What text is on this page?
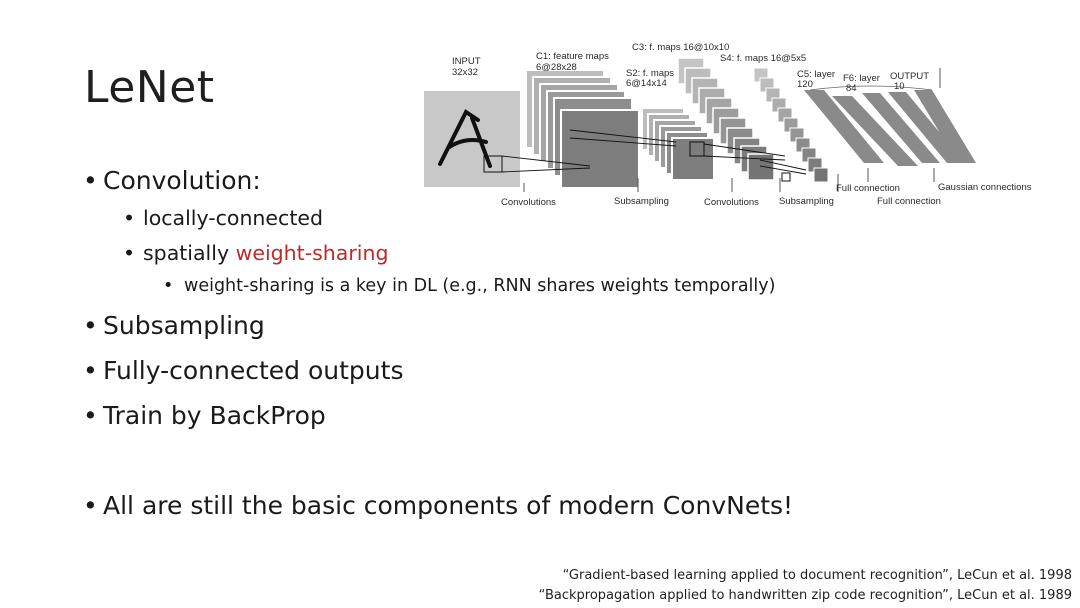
LeNet
INPUT
32x32
C1: feature maps
6@28x28
S2: f. maps
6@14x14
C3: f. maps 16@10x10
S4: f. maps 16@5x5
C5: layer
120
F6: layer
84
OUTPUT
10
Convolutions	Subsampling	Convolutions Subsampling
Full connection
Full connection
Gaussian connections
• Convolution:
• locally-connected
• spatially weight-sharing
• weight-sharing is a key in DL (e.g., RNN shares weights temporally)
• Subsampling
• Fully-connected outputs
• Train by BackProp
• All are still the basic components of modern ConvNets!
“Gradient-based learning applied to document recognition”, LeCun et al. 1998
“Backpropagation applied to handwritten zip code recognition”, LeCun et al. 1989
